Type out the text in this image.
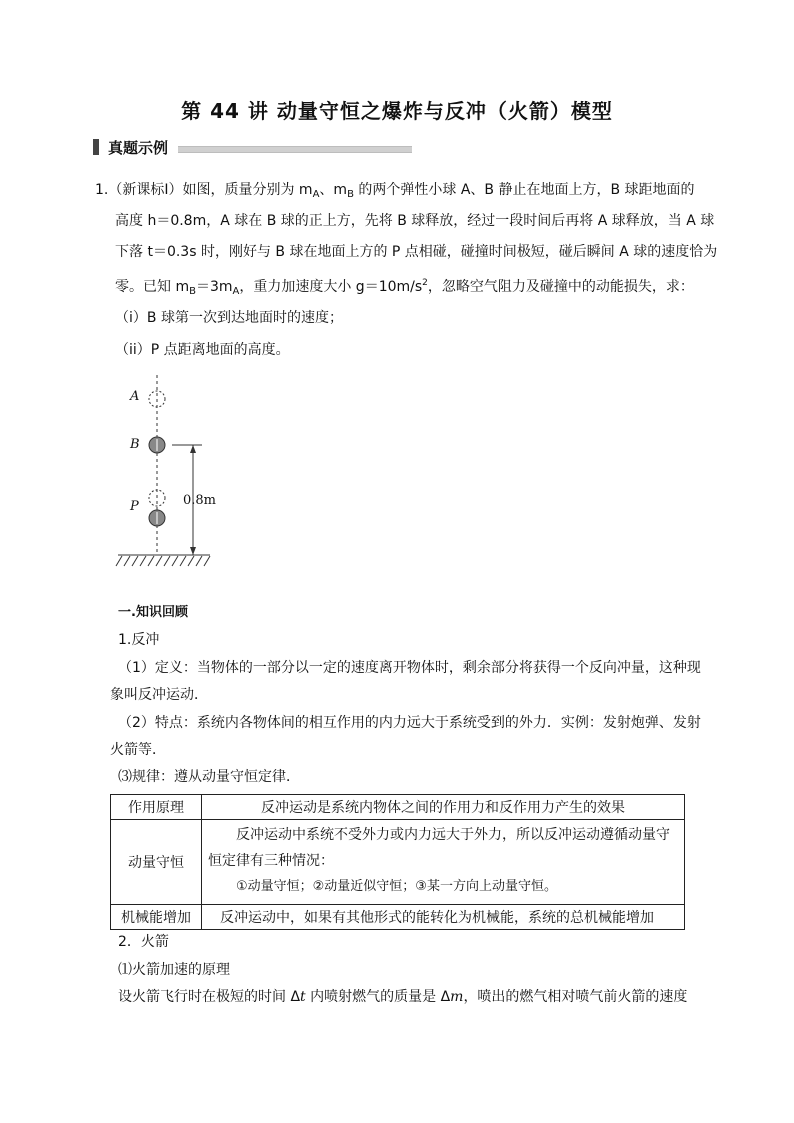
第 44 讲 动量守恒之爆炸与反冲（火箭）模型
真题示例
1.（新课标Ⅰ）如图，质量分别为 $m_A$、$m_B$ 的两个弹性小球 A、B 静止在地面上方，B 球距地面的
高度 h＝0.8m，A 球在 B 球的正上方，先将 B 球释放，经过一段时间后再将 A 球释放，当 A 球
下落 t＝0.3s 时，刚好与 B 球在地面上方的 P 点相碰，碰撞时间极短，碰后瞬间 A 球的速度恰为
零。已知 $m_B=3m_A$，重力加速度大小 $g=10m/s^2$，忽略空气阻力及碰撞中的动能损失，求：
（i）B 球第一次到达地面时的速度；
（ii）P 点距离地面的高度。
A
B
P	0.8m
一.知识回顾
1.反冲
（1）定义：当物体的一部分以一定的速度离开物体时，剩余部分将获得一个反向冲量，这种现
象叫反冲运动．
（2）特点：系统内各物体间的相互作用的内力远大于系统受到的外力．实例：发射炮弹、发射
火箭等．
⑶规律：遵从动量守恒定律．
作用原理	反冲运动是系统内物体之间的作用力和反作用力产生的效果
动量守恒	反冲运动中系统不受外力或内力远大于外力，所以反冲运动遵循动量守
恒定律有三种情况：
①动量守恒；②动量近似守恒；③某一方向上动量守恒。

机械能增加	反冲运动中，如果有其他形式的能转化为机械能，系统的总机械能增加
2．火箭
⑴火箭加速的原理
设火箭飞行时在极短的时间 Δt 内喷射燃气的质量是 Δm，喷出的燃气相对喷气前火箭的速度
